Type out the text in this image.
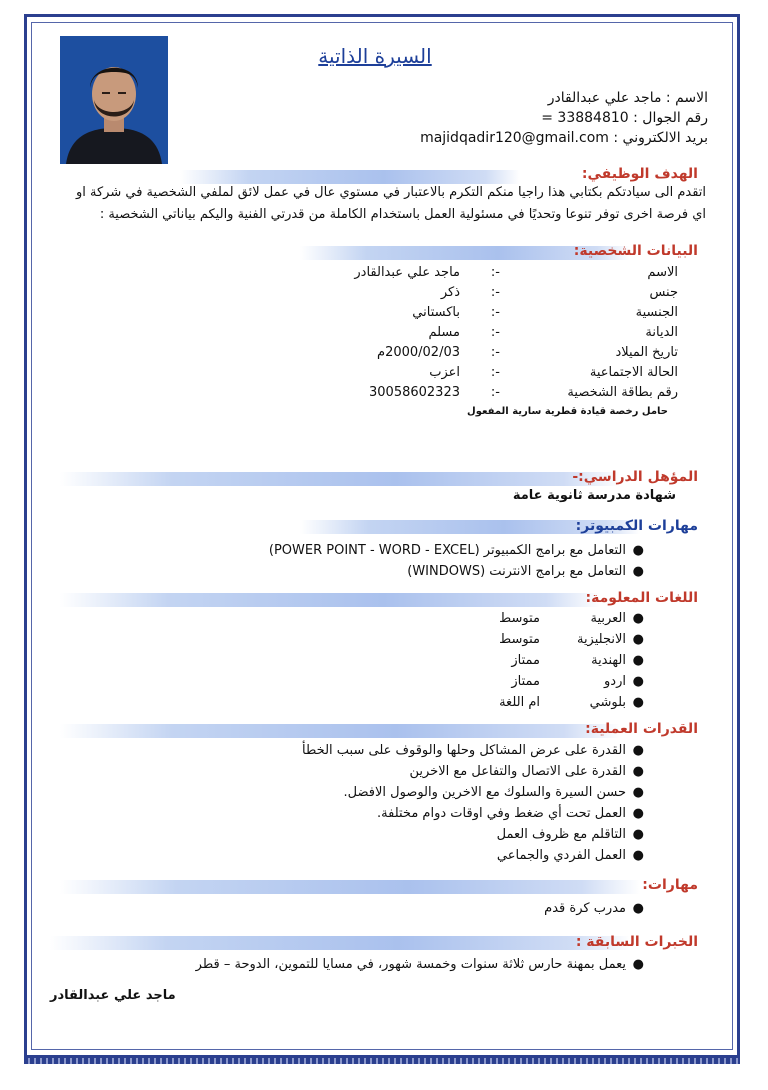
السيرة الذاتية
الاسم : ماجد علي عبدالقادر
رقم الجوال : 33884810 =
بريد الالكتروني : majidqadir120@gmail.com
الهدف الوظيفي:
اتقدم الى سيادتكم بكتابي هذا راجيا منكم التكرم بالاعتبار في مستوي عال في عمل لائق لملفي الشخصية في شركة او اي فرصة اخرى توفر تنوعا وتحديًا في مسئولية العمل باستخدام الكاملة من قدرتي الفنية واليكم بياناتي الشخصية :
البيانات الشخصية:
الاسم
-:
ماجد علي عبدالقادر
جنس
-:
ذكر
الجنسية
-:
باكستاني
الديانة
-:
مسلم
تاريخ الميلاد
-:
2000/02/03م
الحالة الاجتماعية
-:
اعزب
رقم بطاقة الشخصية
-:
30058602323
حامل رخصة قيادة قطرية سارية المفعول
المؤهل الدراسي:-
شهادة مدرسة ثانوية عامة
مهارات الكمبيوتر:
●
التعامل مع برامج الكمبيوتر (POWER POINT - WORD - EXCEL)
●
التعامل مع برامج الانترنت (WINDOWS)
اللغات المعلومة:
●
العربيةمتوسط
●
الانجليزيةمتوسط
●
الهنديةممتاز
●
اردوممتاز
●
بلوشيام اللغة
القدرات العملية:
●
القدرة على عرض المشاكل وحلها والوقوف على سبب الخطأ
●
القدرة على الاتصال والتفاعل مع الاخرين
●
حسن السيرة والسلوك مع الاخرين والوصول الافضل.
●
العمل تحت أي ضغط وفي اوقات دوام مختلفة.
●
التاقلم مع ظروف العمل
●
العمل الفردي والجماعي
مهارات:
●
مدرب كرة قدم
الخبرات السابقة :
●
يعمل بمهنة حارس ثلاثة سنوات وخمسة شهور، في مسايا للتموين، الدوحة – قطر
ماجد علي عبدالقادر
